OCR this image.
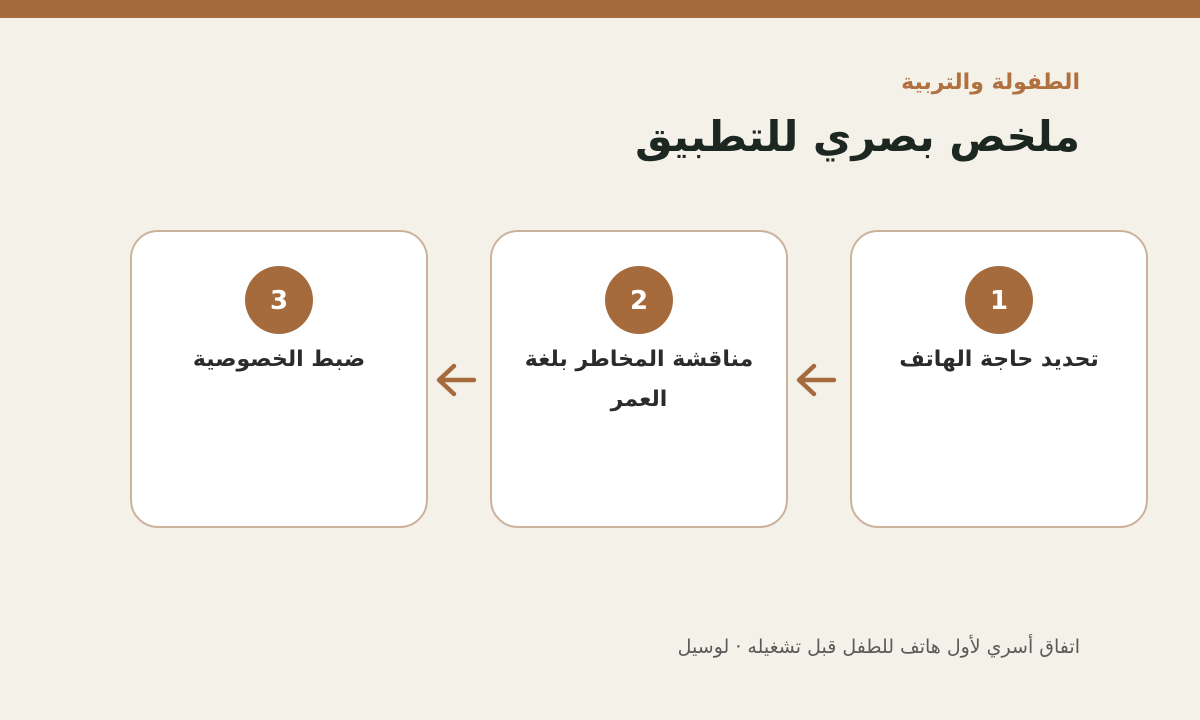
الطفولة والتربية

ملخص بصري للتطبيق
1

تحديد حاجة الهاتف

2

مناقشة المخاطر بلغة العمر

3

ضبط الخصوصية

اتفاق أسري لأول هاتف للطفل قبل تشغيله · لوسيل
